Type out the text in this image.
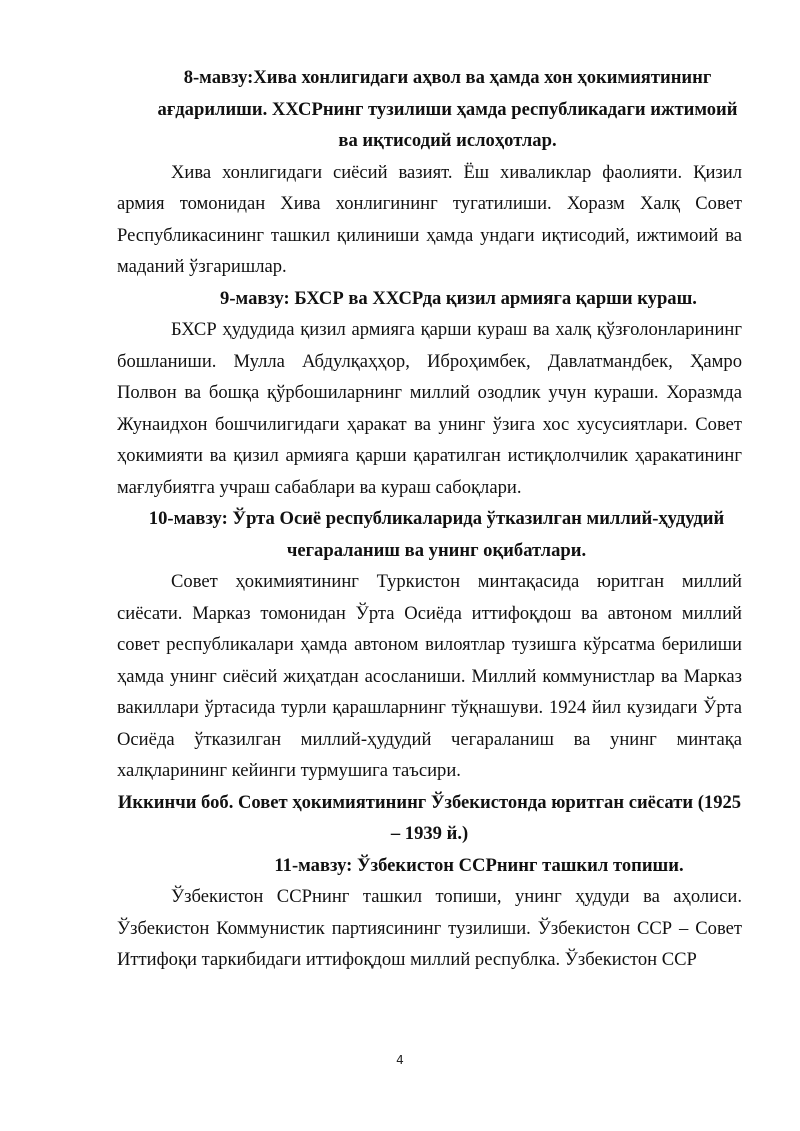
8-мавзу:Хива хонлигидаги аҳвол ва ҳамда хон ҳокимиятининг ағдарилиши. ХХСРнинг тузилиши ҳамда республикадаги ижтимоий ва иқтисодий ислоҳотлар.

Хива хонлигидаги сиёсий вазият. Ёш хиваликлар фаолияти. Қизил армия томонидан Хива хонлигининг тугатилиши. Хоразм Халқ Совет Республикасининг ташкил қилиниши ҳамда ундаги иқтисодий, ижтимоий ва маданий ўзгаришлар.

9-мавзу: БХСР ва ХХСРда қизил армияга қарши кураш.

БХСР ҳудудида қизил армияга қарши кураш ва халқ қўзғолонларининг бошланиши. Мулла Абдулқаҳҳор, Иброҳимбек, Давлатмандбек, Ҳамро Полвон ва бошқа қўрбошиларнинг миллий озодлик учун кураши. Хоразмда Жунаидхон бошчилигидаги ҳаракат ва унинг ўзига хос хусусиятлари. Совет ҳокимияти ва қизил армияга қарши қаратилган истиқлолчилик ҳаракатининг мағлубиятга учраш сабаблари ва кураш сабоқлари.

10-мавзу: Ўрта Осиё республикаларида ўтказилган миллий-ҳудудий чегараланиш ва унинг оқибатлари.

Совет ҳокимиятининг Туркистон минтақасида юритган миллий сиёсати. Марказ томонидан Ўрта Осиёда иттифоқдош ва автоном миллий совет республикалари ҳамда автоном вилоятлар тузишга кўрсатма берилиши ҳамда унинг сиёсий жиҳатдан асосланиши. Миллий коммунистлар ва Марказ вакиллари ўртасида турли қарашларнинг тўқнашуви. 1924 йил кузидаги Ўрта Осиёда ўтказилган миллий-ҳудудий чегараланиш ва унинг минтақа халқларининг кейинги турмушига таъсири.

Иккинчи боб. Совет ҳокимиятининг Ўзбекистонда юритган сиёсати (1925 – 1939 й.)

11-мавзу: Ўзбекистон ССРнинг ташкил топиши.

Ўзбекистон ССРнинг ташкил топиши, унинг ҳудуди ва аҳолиси. Ўзбекистон Коммунистик партиясининг тузилиши. Ўзбекистон ССР – Совет Иттифоқи таркибидаги иттифоқдош миллий республка. Ўзбекистон ССР

4
